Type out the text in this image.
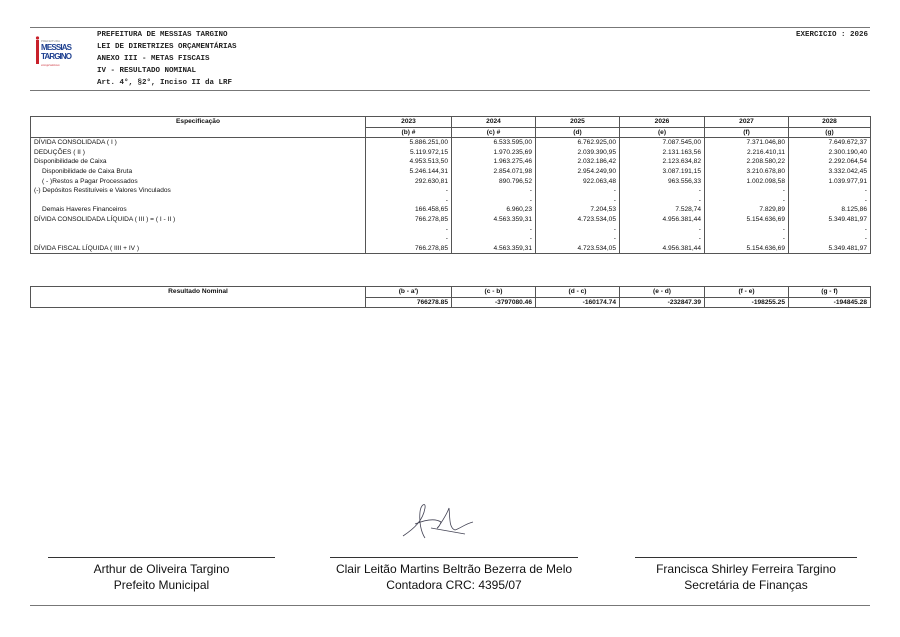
PREFEITURA
MESSIAS
TARGINO
compromisso
PREFEITURA DE MESSIAS TARGINO
LEI DE DIRETRIZES ORÇAMENTÁRIAS
ANEXO III - METAS FISCAIS
IV - RESULTADO NOMINAL
Art. 4°, §2°, Inciso II da LRF
EXERCICIO : 2026
Especificação	2023	2024	2025	2026	2027	2028
	(b) #	(c) #	(d)	(e)	(f)	(g)
DÍVIDA CONSOLIDADA ( I )	5.886.251,00	6.533.595,00	6.762.925,00	7.087.545,00	7.371.046,80	7.649.672,37
DEDUÇÕES ( II )	5.119.972,15	1.970.235,69	2.039.390,95	2.131.163,56	2.216.410,11	2.300.190,40
Disponibilidade de Caixa	4.953.513,50	1.963.275,46	2.032.186,42	2.123.634,82	2.208.580,22	2.292.064,54
Disponibilidade de Caixa Bruta	5.246.144,31	2.854.071,98	2.954.249,90	3.087.191,15	3.210.678,80	3.332.042,45
( - )Restos a Pagar Processados	292.630,81	890.796,52	922.063,48	963.556,33	1.002.098,58	1.039.977,91
(-) Depósitos Restituíveis e Valores Vinculados	-	-	-	-	-	-
	-	-	-	-	-	-
Demais Haveres Financeiros	166.458,65	6.960,23	7.204,53	7.528,74	7.829,89	8.125,86
DÍVIDA CONSOLIDADA LÍQUIDA ( III ) = ( I - II )	766.278,85	4.563.359,31	4.723.534,05	4.956.381,44	5.154.636,69	5.349.481,97
	-	-	-	-	-	-
	-	-	-	-	-	-
DÍVIDA FISCAL LÍQUIDA ( IIII + IV )	766.278,85	4.563.359,31	4.723.534,05	4.956.381,44	5.154.636,69	5.349.481,97
Resultado Nominal	(b - a')	(c - b)	(d - c)	(e - d)	(f - e)	(g - f)
	766278.85	-3797080.46	-160174.74	-232847.39	-198255.25	-194845.28
Arthur de Oliveira Targino
Prefeito Municipal
Clair Leitão Martins Beltrão Bezerra de Melo
Contadora CRC: 4395/07
Francisca Shirley Ferreira Targino
Secretária de Finanças
